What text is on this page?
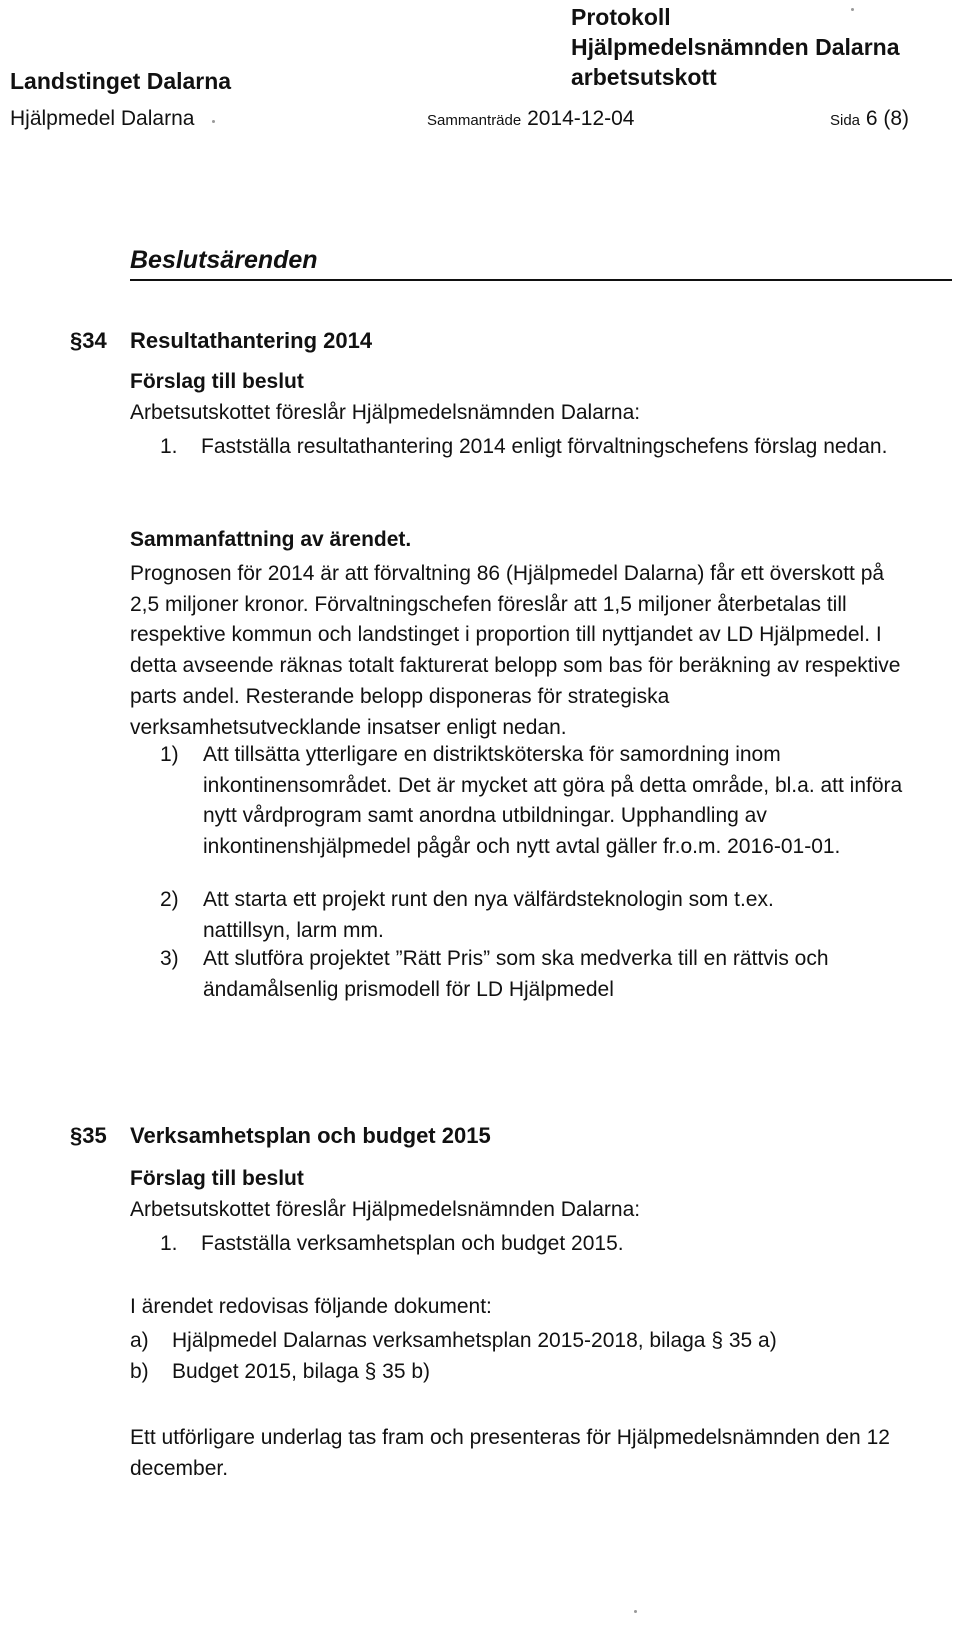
Protokoll
Hjälpmedelsnämnden Dalarna
arbetsutskott
Landstinget Dalarna
Hjälpmedel Dalarna	Sammanträde 2014-12-04	Sida 6 (8)
Beslutsärenden
§34 Resultathantering 2014
Förslag till beslut
Arbetsutskottet föreslår Hjälpmedelsnämnden Dalarna:
1. Fastställa resultathantering 2014 enligt förvaltningschefens förslag nedan.
Sammanfattning av ärendet.

Prognosen för 2014 är att förvaltning 86 (Hjälpmedel Dalarna) får ett överskott på 2,5 miljoner kronor. Förvaltningschefen föreslår att 1,5 miljoner återbetalas till respektive kommun och landstinget i proportion till nyttjandet av LD Hjälpmedel. I detta avseende räknas totalt fakturerat belopp som bas för beräkning av respektive parts andel. Resterande belopp disponeras för strategiska verksamhetsutvecklande insatser enligt nedan.

1) Att tillsätta ytterligare en distriktsköterska för samordning inom inkontinensområdet. Det är mycket att göra på detta område, bl.a. att införa nytt vårdprogram samt anordna utbildningar. Upphandling av inkontinenshjälpmedel pågår och nytt avtal gäller fr.o.m. 2016-01-01.
2) Att starta ett projekt runt den nya välfärdsteknologin som t.ex. nattillsyn, larm mm.
3) Att slutföra projektet ”Rätt Pris” som ska medverka till en rättvis och ändamålsenlig prismodell för LD Hjälpmedel
§35 Verksamhetsplan och budget 2015
Förslag till beslut
Arbetsutskottet föreslår Hjälpmedelsnämnden Dalarna:
1. Fastställa verksamhetsplan och budget 2015.
I ärendet redovisas följande dokument:
a) Hjälpmedel Dalarnas verksamhetsplan 2015-2018, bilaga § 35 a)
b) Budget 2015, bilaga § 35 b)

Ett utförligare underlag tas fram och presenteras för Hjälpmedelsnämnden den 12 december.
